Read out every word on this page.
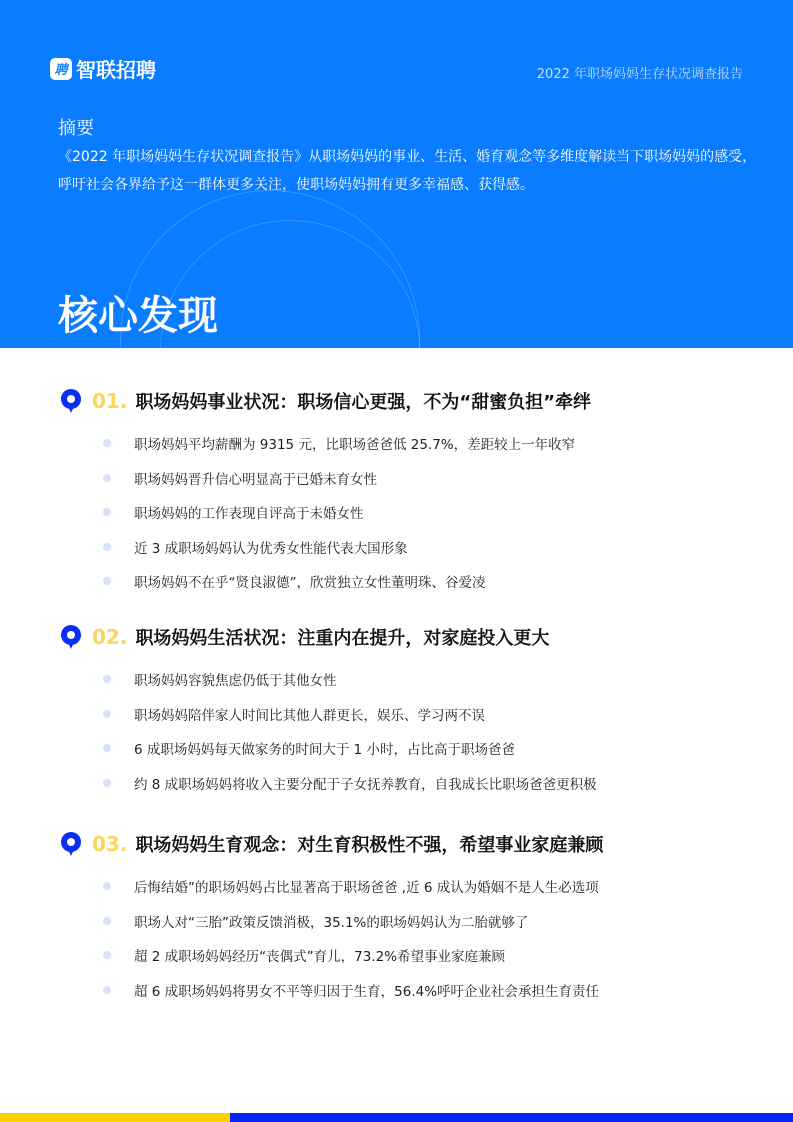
聘 智联招聘	2022 年职场妈妈生存状况调查报告
摘要
《2022 年职场妈妈生存状况调查报告》从职场妈妈的事业、生活、婚育观念等多维度解读当下职场妈妈的感受，呼吁社会各界给予这一群体更多关注，使职场妈妈拥有更多幸福感、获得感。
核心发现
01. 职场妈妈事业状况：职场信心更强，不为“甜蜜负担”牵绊
职场妈妈平均薪酬为 9315 元，比职场爸爸低 25.7%，差距较上一年收窄
职场妈妈晋升信心明显高于已婚未育女性
职场妈妈的工作表现自评高于未婚女性
近 3 成职场妈妈认为优秀女性能代表大国形象
职场妈妈不在乎“贤良淑德”，欣赏独立女性董明珠、谷爱凌
02. 职场妈妈生活状况：注重内在提升，对家庭投入更大
职场妈妈容貌焦虑仍低于其他女性
职场妈妈陪伴家人时间比其他人群更长，娱乐、学习两不误
6 成职场妈妈每天做家务的时间大于 1 小时，占比高于职场爸爸
约 8 成职场妈妈将收入主要分配于子女抚养教育，自我成长比职场爸爸更积极
03. 职场妈妈生育观念：对生育积极性不强，希望事业家庭兼顾
后悔结婚”的职场妈妈占比显著高于职场爸爸 ,近 6 成认为婚姻不是人生必选项
职场人对“三胎”政策反馈消极，35.1%的职场妈妈认为二胎就够了
超 2 成职场妈妈经历“丧偶式”育儿，73.2%希望事业家庭兼顾
超 6 成职场妈妈将男女不平等归因于生育，56.4%呼吁企业社会承担生育责任
